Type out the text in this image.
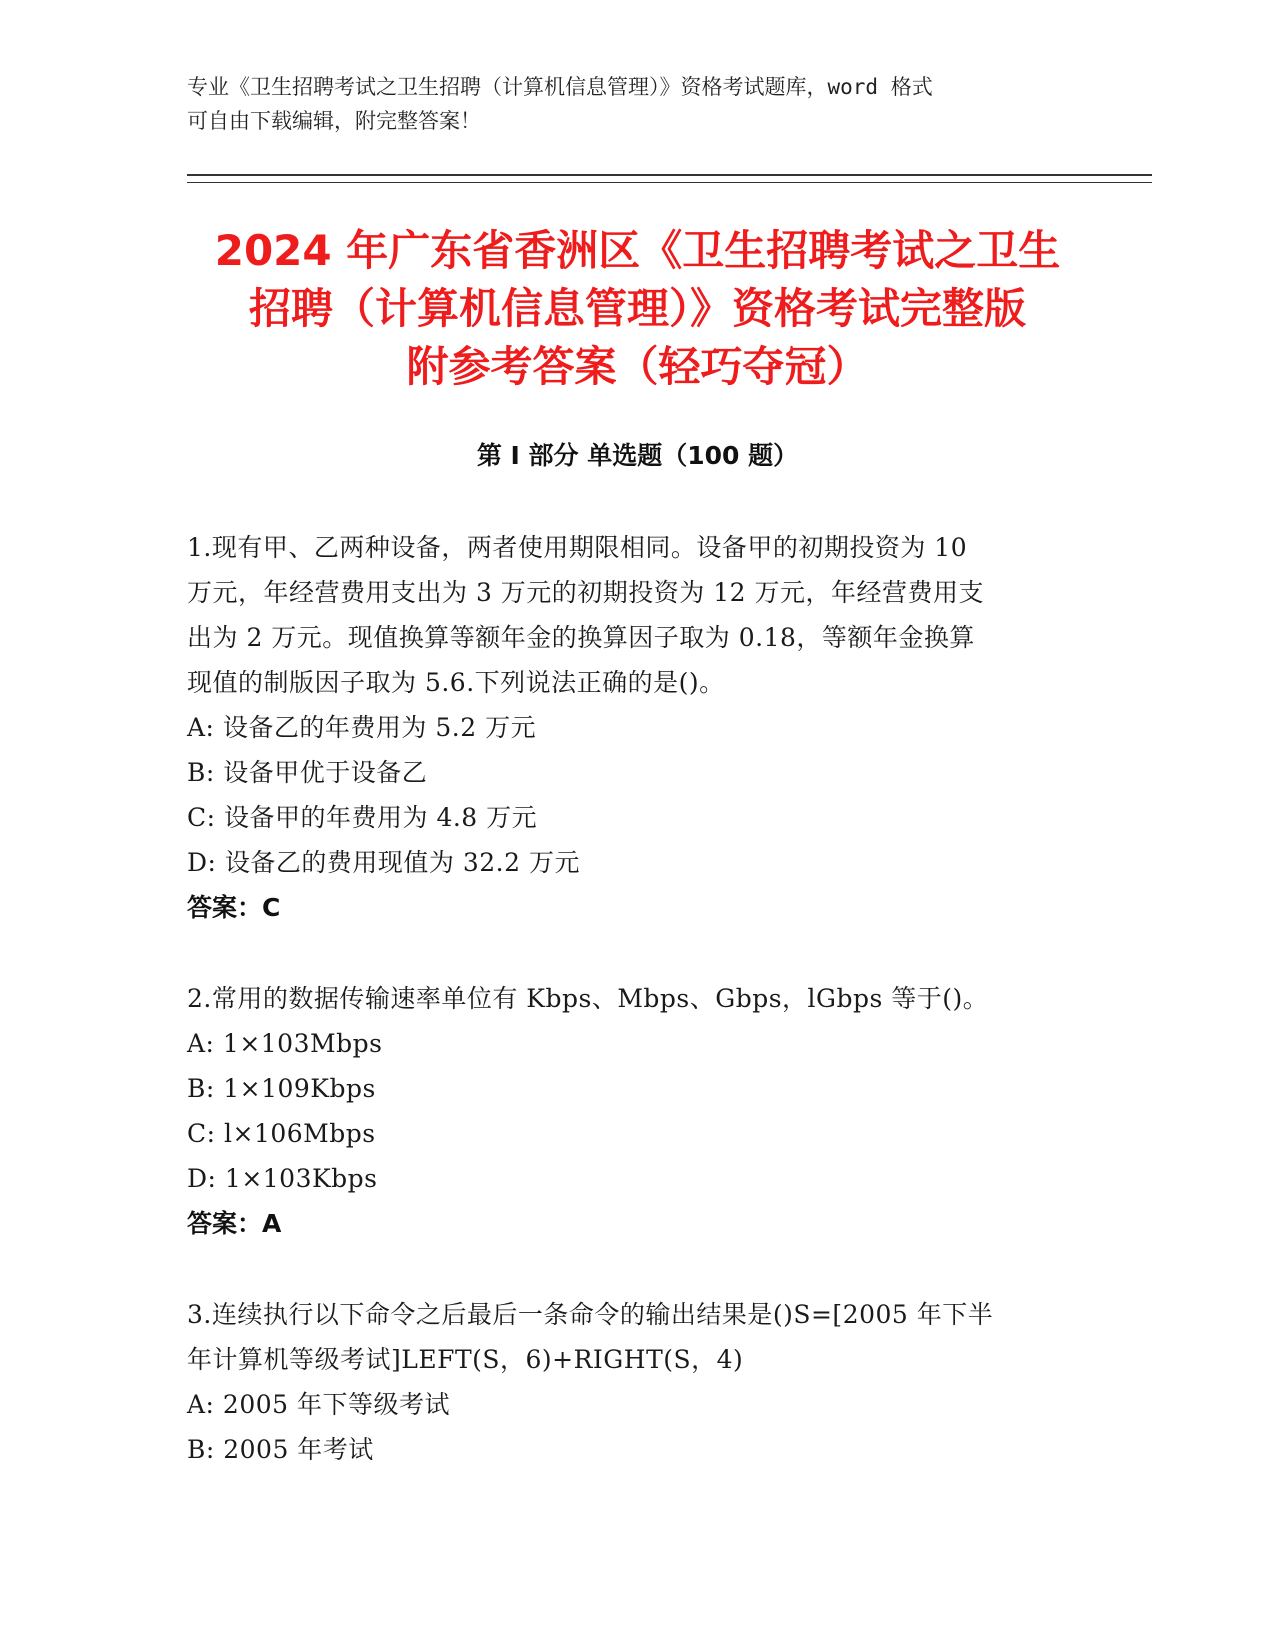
专业《卫生招聘考试之卫生招聘（计算机信息管理）》资格考试题库，word 格式
可自由下载编辑，附完整答案！
2024 年广东省香洲区《卫生招聘考试之卫生
招聘（计算机信息管理）》资格考试完整版
附参考答案（轻巧夺冠）
第 I 部分 单选题（100 题）
1.现有甲、乙两种设备，两者使用期限相同。设备甲的初期投资为 10
万元，年经营费用支出为 3 万元的初期投资为 12 万元，年经营费用支
出为 2 万元。现值换算等额年金的换算因子取为 0.18，等额年金换算
现值的制版因子取为 5.6.下列说法正确的是()。
A: 设备乙的年费用为 5.2 万元
B: 设备甲优于设备乙
C: 设备甲的年费用为 4.8 万元
D: 设备乙的费用现值为 32.2 万元
答案：C
2.常用的数据传输速率单位有 Kbps、Mbps、Gbps，lGbps 等于()。
A: 1×103Mbps
B: 1×109Kbps
C: l×106Mbps
D: 1×103Kbps
答案：A
3.连续执行以下命令之后最后一条命令的输出结果是()S=[2005 年下半
年计算机等级考试]LEFT(S，6)+RIGHT(S，4)
A: 2005 年下等级考试
B: 2005 年考试
